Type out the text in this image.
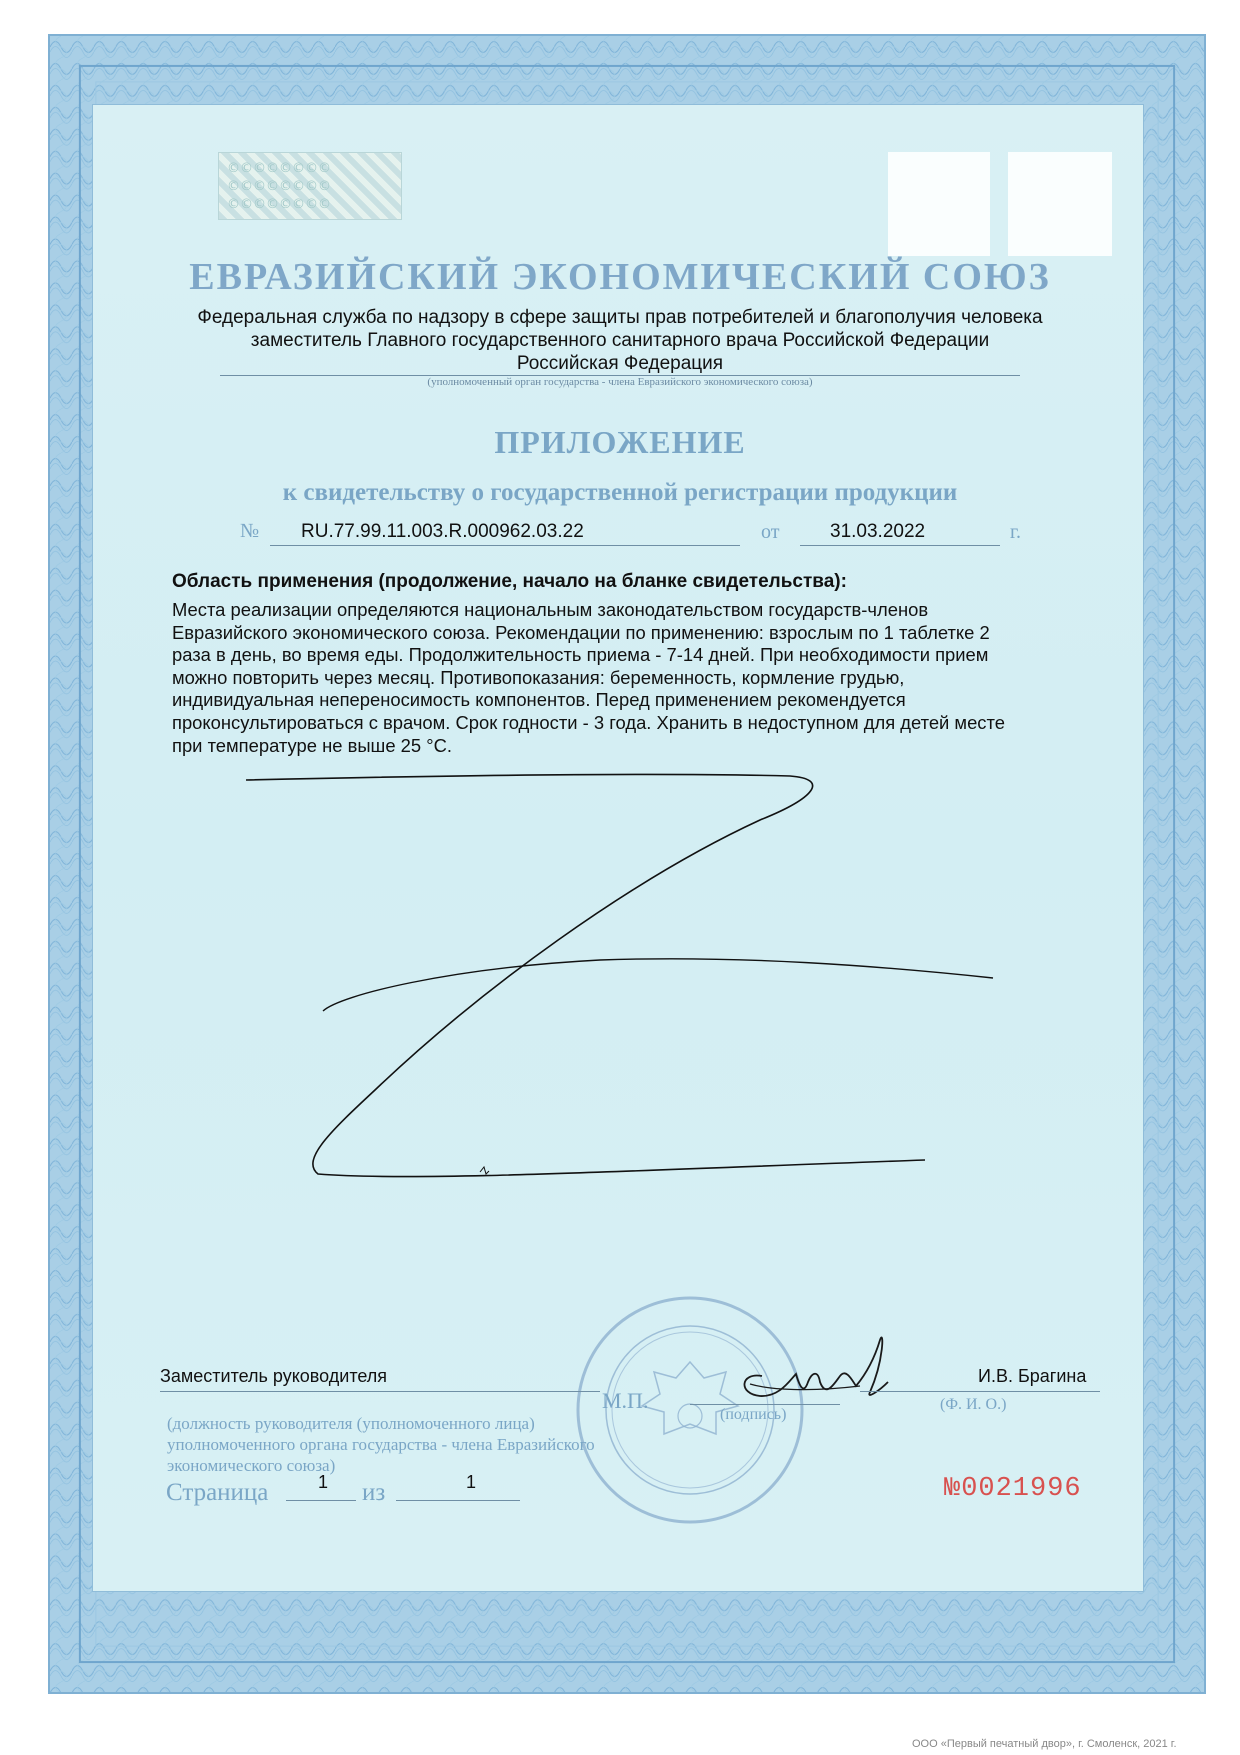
©©©©©©©©
©©©©©©©©
©©©©©©©©
ЕВРАЗИЙСКИЙ ЭКОНОМИЧЕСКИЙ СОЮЗ
Федеральная служба по надзору в сфере защиты прав потребителей и благополучия человека
заместитель Главного государственного санитарного врача Российской Федерации
Российская Федерация
(уполномоченный орган государства - члена Евразийского экономического союза)
ПРИЛОЖЕНИЕ
к свидетельству о государственной регистрации продукции
№ RU.77.99.11.003.R.000962.03.22	от	31.03.2022	г.
Область применения (продолжение, начало на бланке свидетельства):
Места реализации определяются национальным законодательством государств-членов
Евразийского экономического союза. Рекомендации по применению: взрослым по 1 таблетке 2
раза в день, во время еды. Продолжительность приема - 7-14 дней. При необходимости прием
можно повторить через месяц. Противопоказания: беременность, кормление грудью,
индивидуальная непереносимость компонентов. Перед применением рекомендуется
проконсультироваться с врачом. Срок годности - 3 года. Хранить в недоступном для детей месте
при температуре не выше 25 °С.
Заместитель руководителя
(должность руководителя (уполномоченного лица) уполномоченного органа государства - члена Евразийского экономического союза)
М.П.
(подпись)
И.В. Брагина
(Ф. И. О.)
Страница	1 из	1	№0021996
ООО «Первый печатный двор», г. Смоленск, 2021 г.
